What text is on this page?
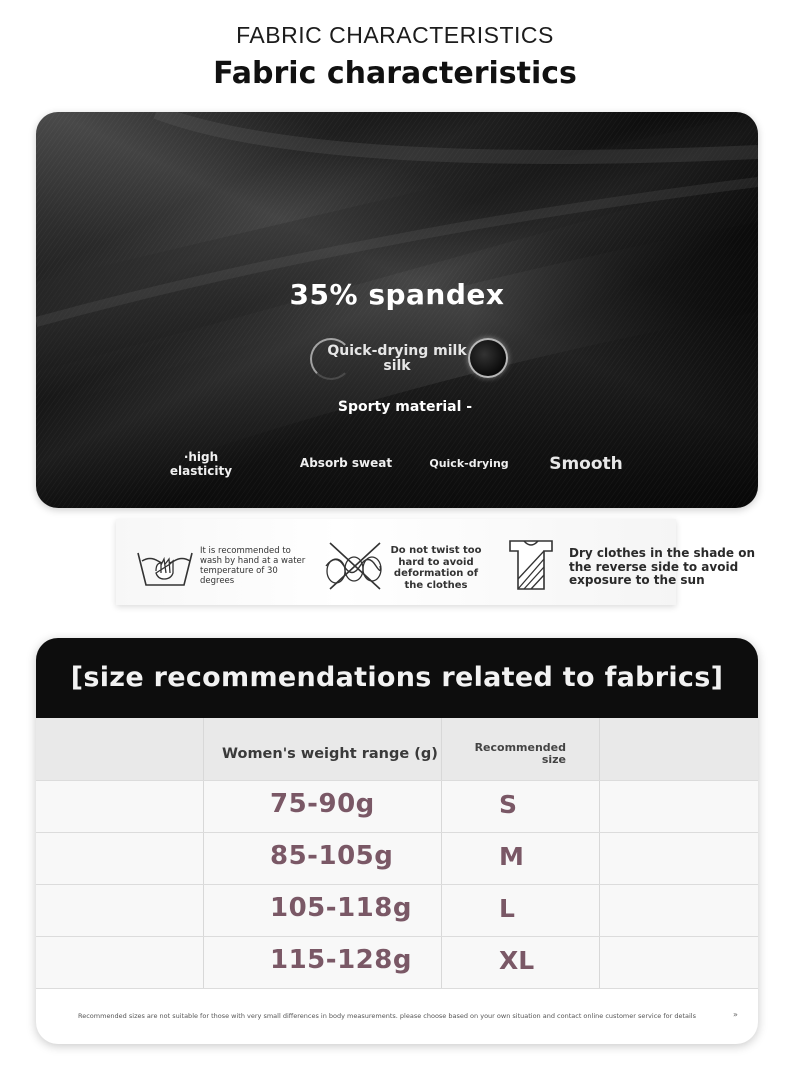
FABRIC CHARACTERISTICS
Fabric characteristics
35% spandex
Quick-drying milk
silk
Sporty material -
·high
elasticity
Absorb sweat	Quick-drying	Smooth
It is recommended to wash by hand at a water temperature of 30 degrees
Do not twist too hard to avoid deformation of the clothes
Dry clothes in the shade on the reverse side to avoid exposure to the sun
[size recommendations related to fabrics]
Women's weight range (g)	Recommended
size
75-90g	S
85-105g	M
105-118g	L
115-128g	XL
Recommended sizes are not suitable for those with very small differences in body measurements. please choose based on your own situation and contact online customer service for details	»
